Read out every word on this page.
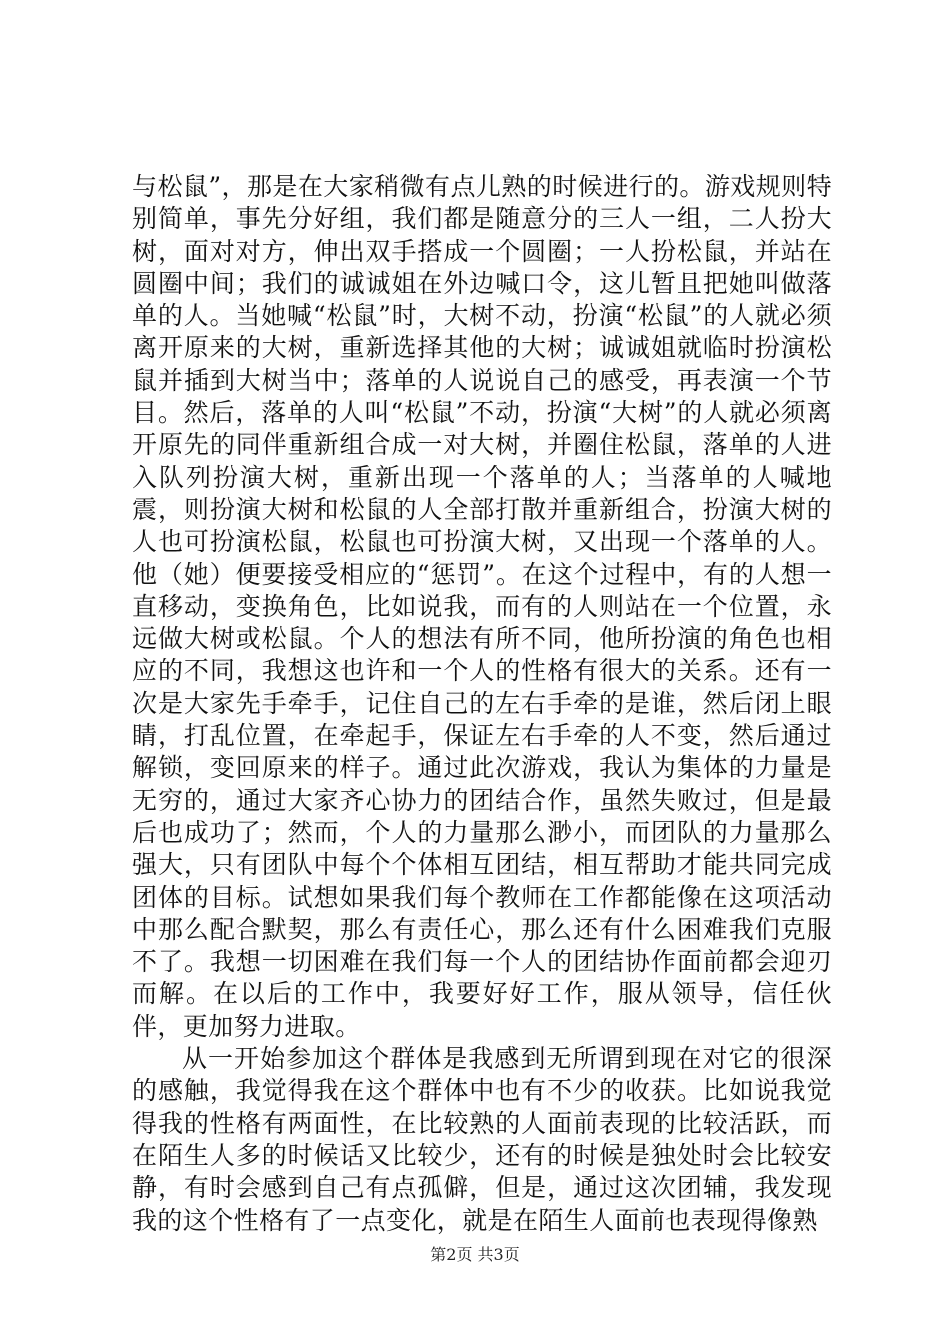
与松鼠”，那是在大家稍微有点儿熟的时候进行的。游戏规则特别简单，事先分好组，我们都是随意分的三人一组，二人扮大树，面对对方，伸出双手搭成一个圆圈；一人扮松鼠，并站在圆圈中间；我们的诚诚姐在外边喊口令，这儿暂且把她叫做落单的人。当她喊“松鼠”时，大树不动，扮演“松鼠”的人就必须离开原来的大树，重新选择其他的大树；诚诚姐就临时扮演松鼠并插到大树当中；落单的人说说自己的感受，再表演一个节目。然后，落单的人叫“松鼠”不动，扮演“大树”的人就必须离开原先的同伴重新组合成一对大树，并圈住松鼠，落单的人进入队列扮演大树，重新出现一个落单的人；当落单的人喊地震，则扮演大树和松鼠的人全部打散并重新组合，扮演大树的人也可扮演松鼠，松鼠也可扮演大树，又出现一个落单的人。他（她）便要接受相应的“惩罚”。在这个过程中，有的人想一直移动，变换角色，比如说我，而有的人则站在一个位置，永远做大树或松鼠。个人的想法有所不同，他所扮演的角色也相应的不同，我想这也许和一个人的性格有很大的关系。还有一次是大家先手牵手，记住自己的左右手牵的是谁，然后闭上眼睛，打乱位置，在牵起手，保证左右手牵的人不变，然后通过解锁，变回原来的样子。通过此次游戏，我认为集体的力量是无穷的，通过大家齐心协力的团结合作，虽然失败过，但是最后也成功了；然而，个人的力量那么渺小，而团队的力量那么强大，只有团队中每个个体相互团结，相互帮助才能共同完成团体的目标。试想如果我们每个教师在工作都能像在这项活动中那么配合默契，那么有责任心，那么还有什么困难我们克服不了。我想一切困难在我们每一个人的团结协作面前都会迎刃而解。在以后的工作中，我要好好工作，服从领导，信任伙伴，更加努力进取。

从一开始参加这个群体是我感到无所谓到现在对它的很深的感触，我觉得我在这个群体中也有不少的收获。比如说我觉得我的性格有两面性，在比较熟的人面前表现的比较活跃，而在陌生人多的时候话又比较少，还有的时候是独处时会比较安静，有时会感到自己有点孤僻，但是，通过这次团辅，我发现我的这个性格有了一点变化，就是在陌生人面前也表现得像熟

第2页 共3页
